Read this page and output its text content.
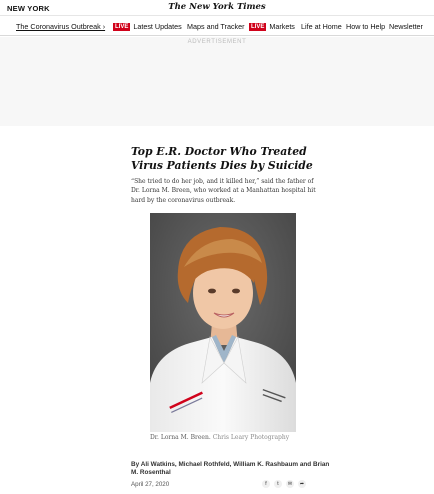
NEW YORK	The New York Times
The Coronavirus Outbreak ›	LIVE Latest Updates Maps and Tracker	LIVE Markets Life at Home How to Help Newsletter
ADVERTISEMENT
Top E.R. Doctor Who Treated Virus Patients Dies by Suicide

“She tried to do her job, and it killed her,” said the father of Dr. Lorna M. Breen, who worked at a Manhattan hospital hit hard by the coronavirus outbreak.

Dr. Lorna M. Breen. Chris Leary Photography
By Ali Watkins, Michael Rothfeld, William K. Rashbaum and Brian M. Rosenthal
April 27, 2020	f	t	✉	➦
